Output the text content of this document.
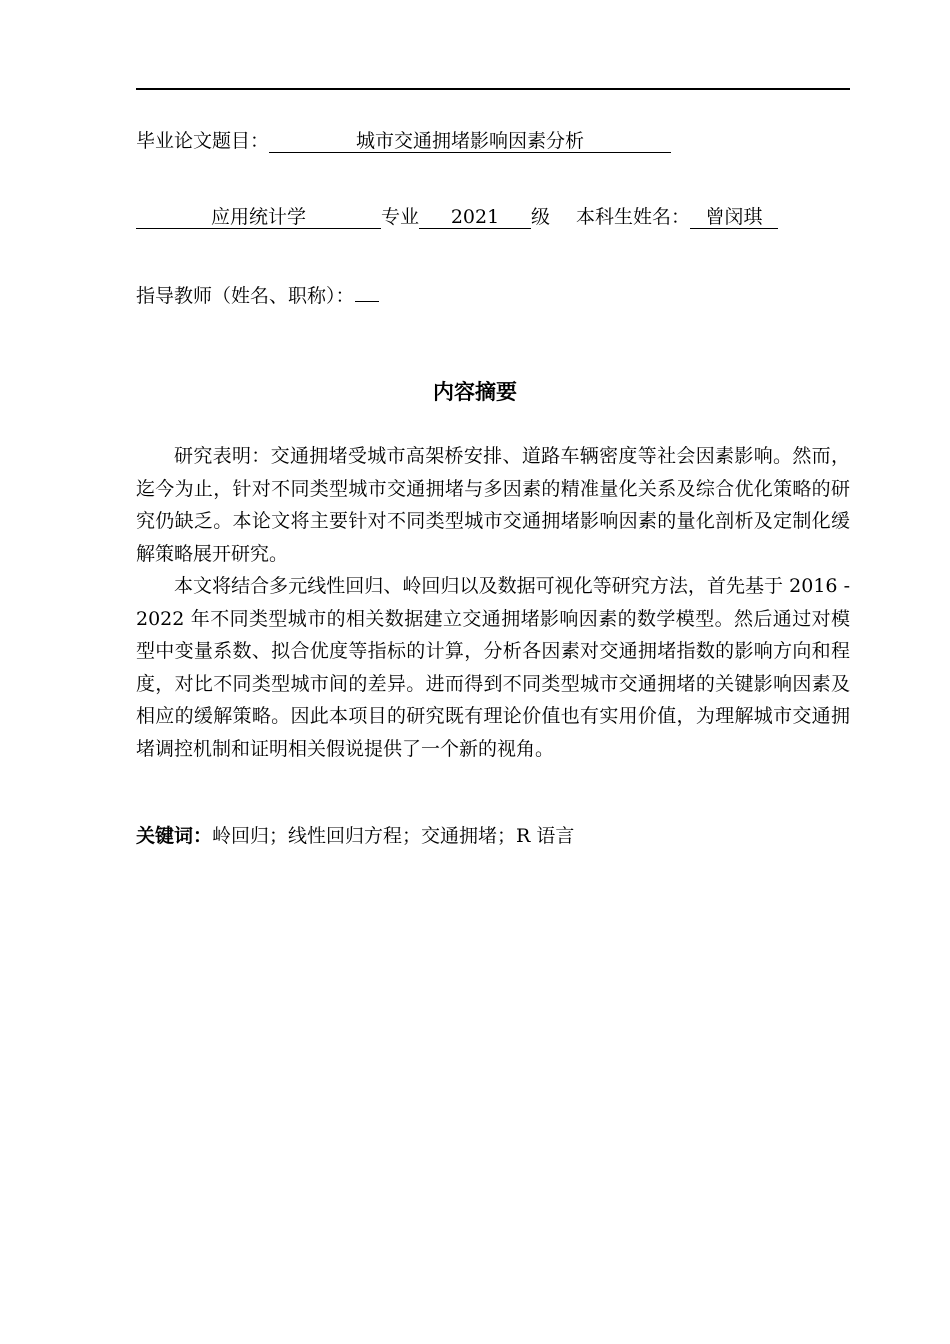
毕业论文题目：	城市交通拥堵影响因素分析
应用统计学	专业 2021 级 本科生姓名： 曾闵琪
指导教师（姓名、职称）：
内容摘要

研究表明：交通拥堵受城市高架桥安排、道路车辆密度等社会因素影响。然而，迄今为止，针对不同类型城市交通拥堵与多因素的精准量化关系及综合优化策略的研究仍缺乏。本论文将主要针对不同类型城市交通拥堵影响因素的量化剖析及定制化缓解策略展开研究。

本文将结合多元线性回归、岭回归以及数据可视化等研究方法，首先基于 2016 - 2022 年不同类型城市的相关数据建立交通拥堵影响因素的数学模型。然后通过对模型中变量系数、拟合优度等指标的计算，分析各因素对交通拥堵指数的影响方向和程度，对比不同类型城市间的差异。进而得到不同类型城市交通拥堵的关键影响因素及相应的缓解策略。因此本项目的研究既有理论价值也有实用价值，为理解城市交通拥堵调控机制和证明相关假说提供了一个新的视角。

关键词：岭回归；线性回归方程；交通拥堵；R 语言
